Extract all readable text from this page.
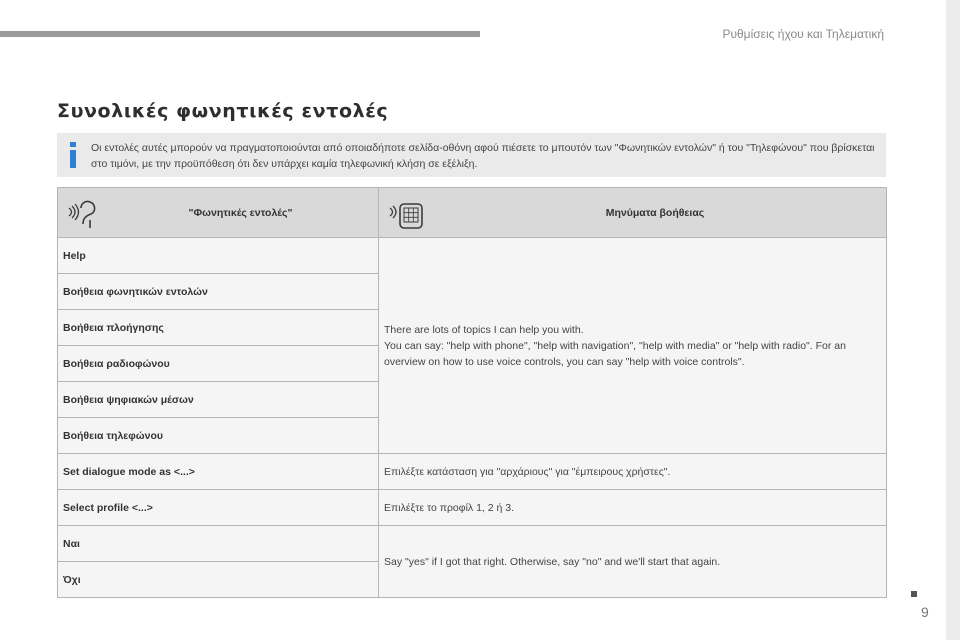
Ρυθμίσεις ήχου και Τηλεματική
9
Συνολικές φωνητικές εντολές
Οι εντολές αυτές μπορούν να πραγματοποιούνται από οποιαδήποτε σελίδα-οθόνη αφού πιέσετε το μπουτόν των "Φωνητικών εντολών" ή του "Τηλεφώνου" που βρίσκεται στο τιμόνι, με την προϋπόθεση ότι δεν υπάρχει καμία τηλεφωνική κλήση σε εξέλιξη.
"Φωνητικές εντολές"	Μηνύματα βοήθειας

Help	There are lots of topics I can help you with.
You can say: "help with phone", "help with navigation", "help with media" or "help with radio". For an overview on how to use voice controls, you can say "help with voice controls".
Βοήθεια φωνητικών εντολών	
Βοήθεια πλοήγησης	
Βοήθεια ραδιοφώνου	
Βοήθεια ψηφιακών μέσων	
Βοήθεια τηλεφώνου	
Set dialogue mode as <...>	Επιλέξτε κατάσταση για "αρχάριους" για "έμπειρους χρήστες".
Select profile <...>	Επιλέξτε το προφίλ 1, 2 ή 3.
Ναι	Say "yes" if I got that right. Otherwise, say "no" and we'll start that again.
Όχι	
